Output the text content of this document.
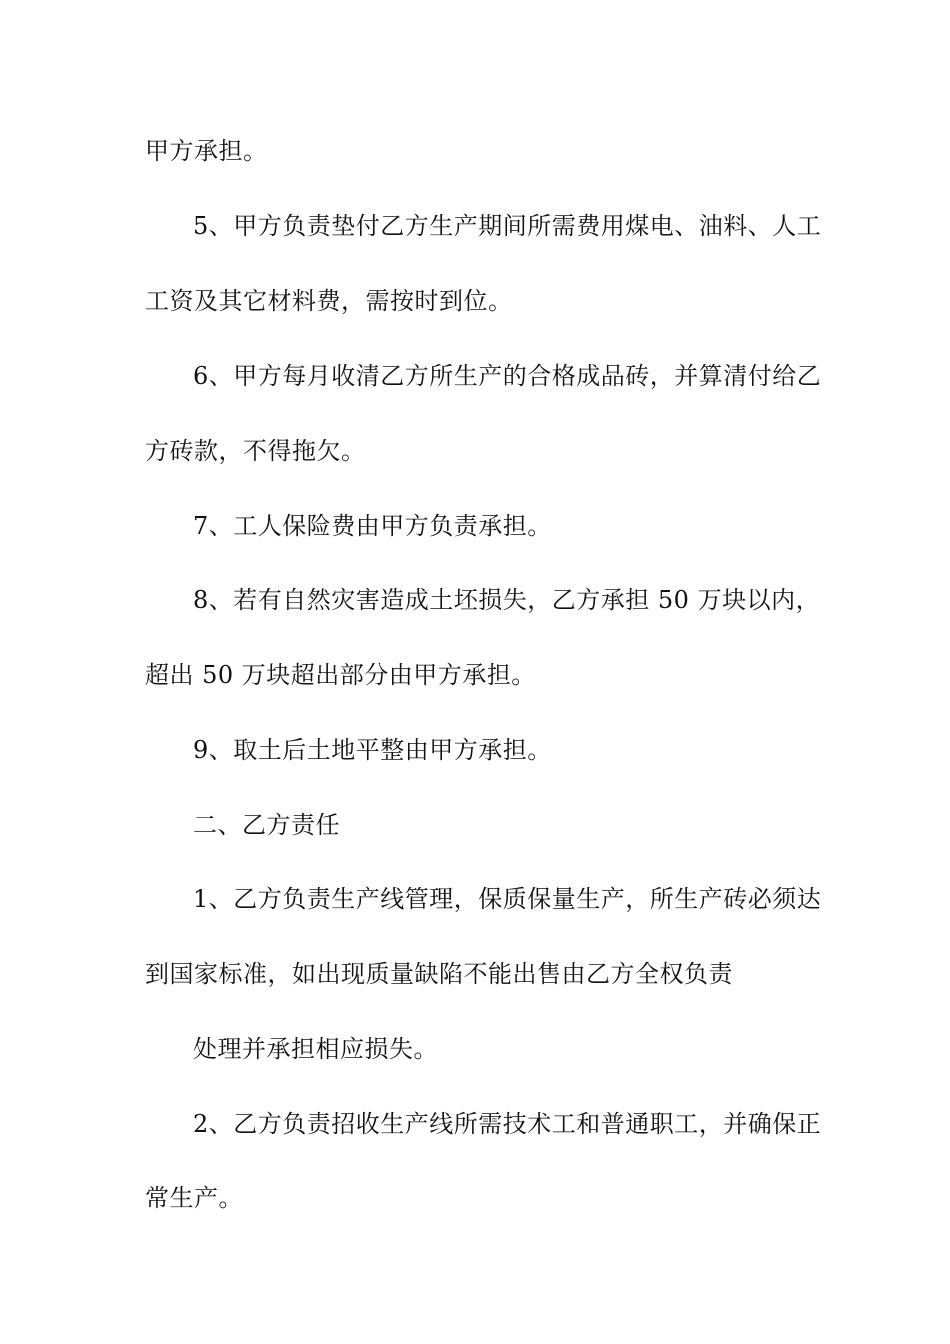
甲方承担。
5、甲方负责垫付乙方生产期间所需费用煤电、油料、人工
工资及其它材料费，需按时到位。
6、甲方每月收清乙方所生产的合格成品砖，并算清付给乙
方砖款，不得拖欠。
7、工人保险费由甲方负责承担。
8、若有自然灾害造成土坯损失，乙方承担 50 万块以内，
超出 50 万块超出部分由甲方承担。
9、取土后土地平整由甲方承担。
二、乙方责任
1、乙方负责生产线管理，保质保量生产，所生产砖必须达
到国家标准，如出现质量缺陷不能出售由乙方全权负责
处理并承担相应损失。
2、乙方负责招收生产线所需技术工和普通职工，并确保正
常生产。
